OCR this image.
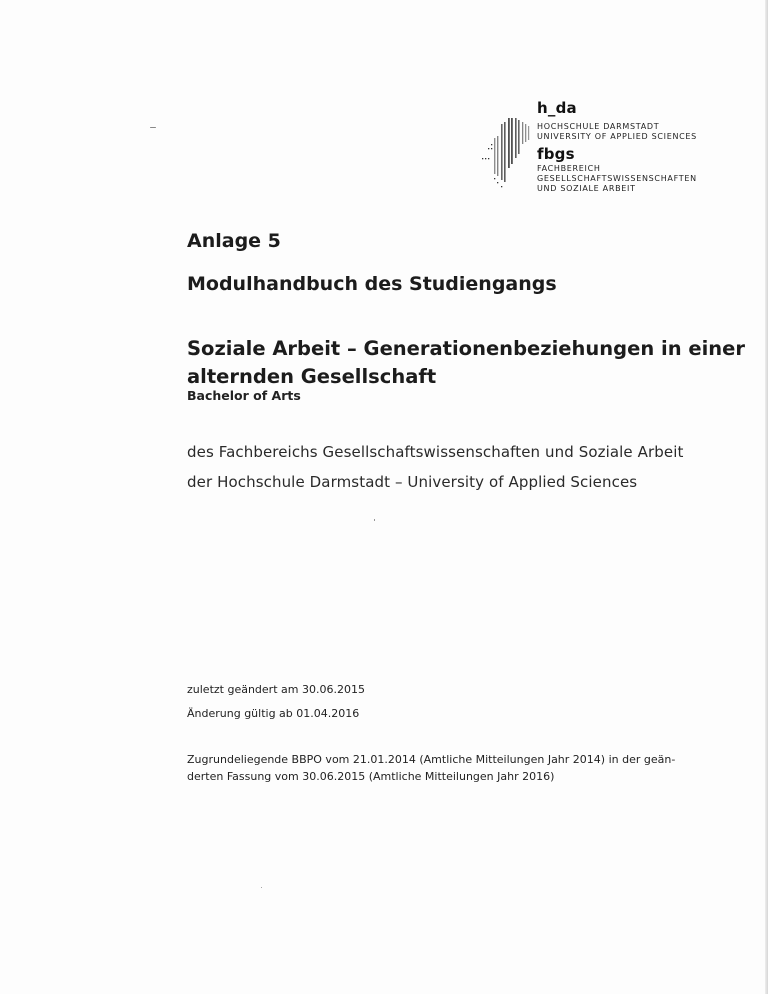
h_da
HOCHSCHULE DARMSTADT
UNIVERSITY OF APPLIED SCIENCES
fbgs
FACHBEREICH
GESELLSCHAFTSWISSENSCHAFTEN
UND SOZIALE ARBEIT
Anlage 5
Modulhandbuch des Studiengangs
Soziale Arbeit – Generationenbeziehungen in einer
alternden Gesellschaft
Bachelor of Arts
des Fachbereichs Gesellschaftswissenschaften und Soziale Arbeit
der Hochschule Darmstadt – University of Applied Sciences
zuletzt geändert am 30.06.2015
Änderung gültig ab 01.04.2016
Zugrundeliegende BBPO vom 21.01.2014 (Amtliche Mitteilungen Jahr 2014) in der geän-
derten Fassung vom 30.06.2015 (Amtliche Mitteilungen Jahr 2016)
